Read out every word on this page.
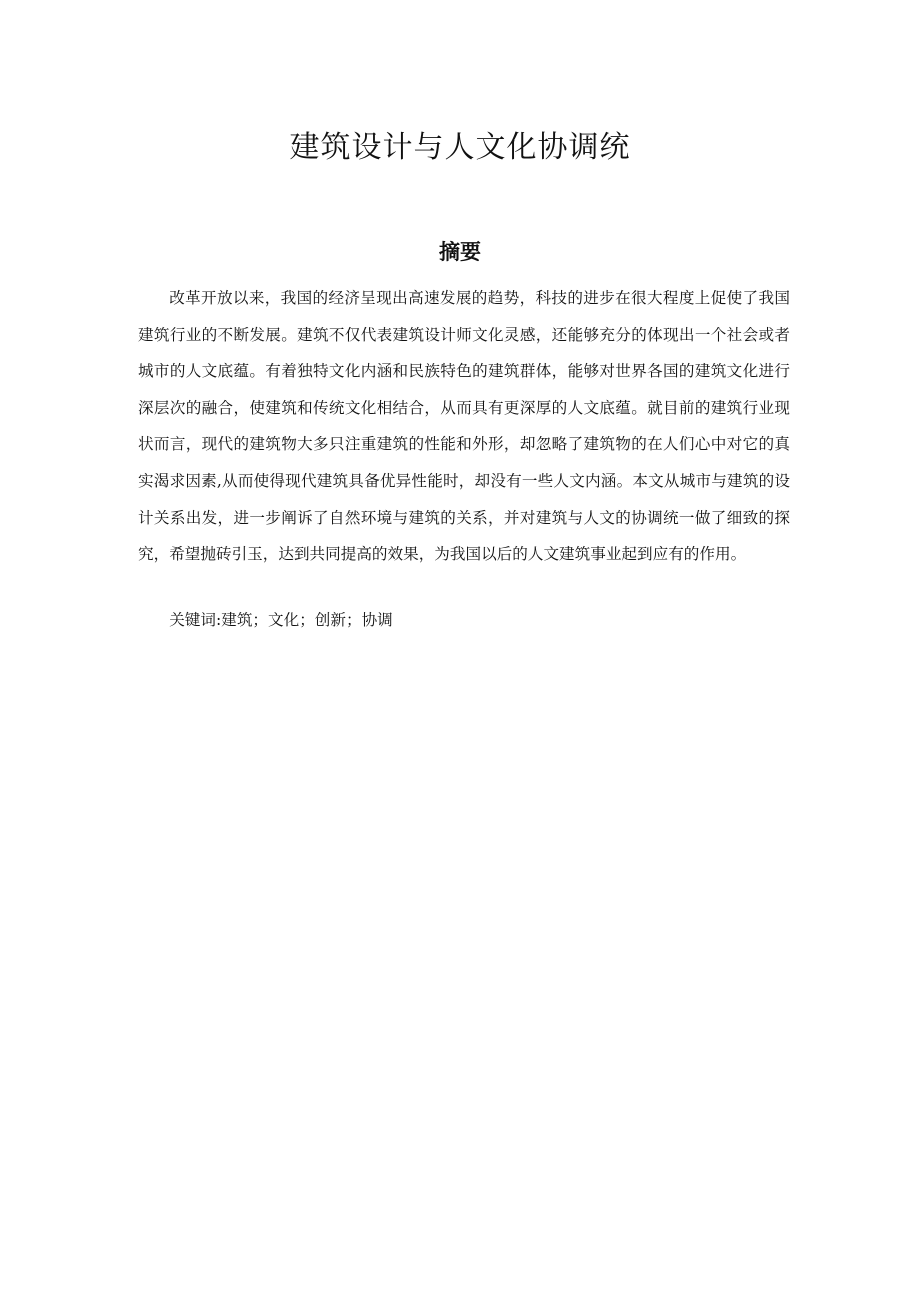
建筑设计与人文化协调统
摘要

改革开放以来，我国的经济呈现出高速发展的趋势，科技的进步在很大程度上促使了我国建筑行业的不断发展。建筑不仅代表建筑设计师文化灵感，还能够充分的体现出一个社会或者城市的人文底蕴。有着独特文化内涵和民族特色的建筑群体，能够对世界各国的建筑文化进行深层次的融合，使建筑和传统文化相结合，从而具有更深厚的人文底蕴。就目前的建筑行业现状而言，现代的建筑物大多只注重建筑的性能和外形，却忽略了建筑物的在人们心中对它的真实渴求因素,从而使得现代建筑具备优异性能时，却没有一些人文内涵。本文从城市与建筑的设计关系出发，进一步阐诉了自然环境与建筑的关系，并对建筑与人文的协调统一做了细致的探究，希望抛砖引玉，达到共同提高的效果，为我国以后的人文建筑事业起到应有的作用。

关键词:建筑；文化；创新；协调
